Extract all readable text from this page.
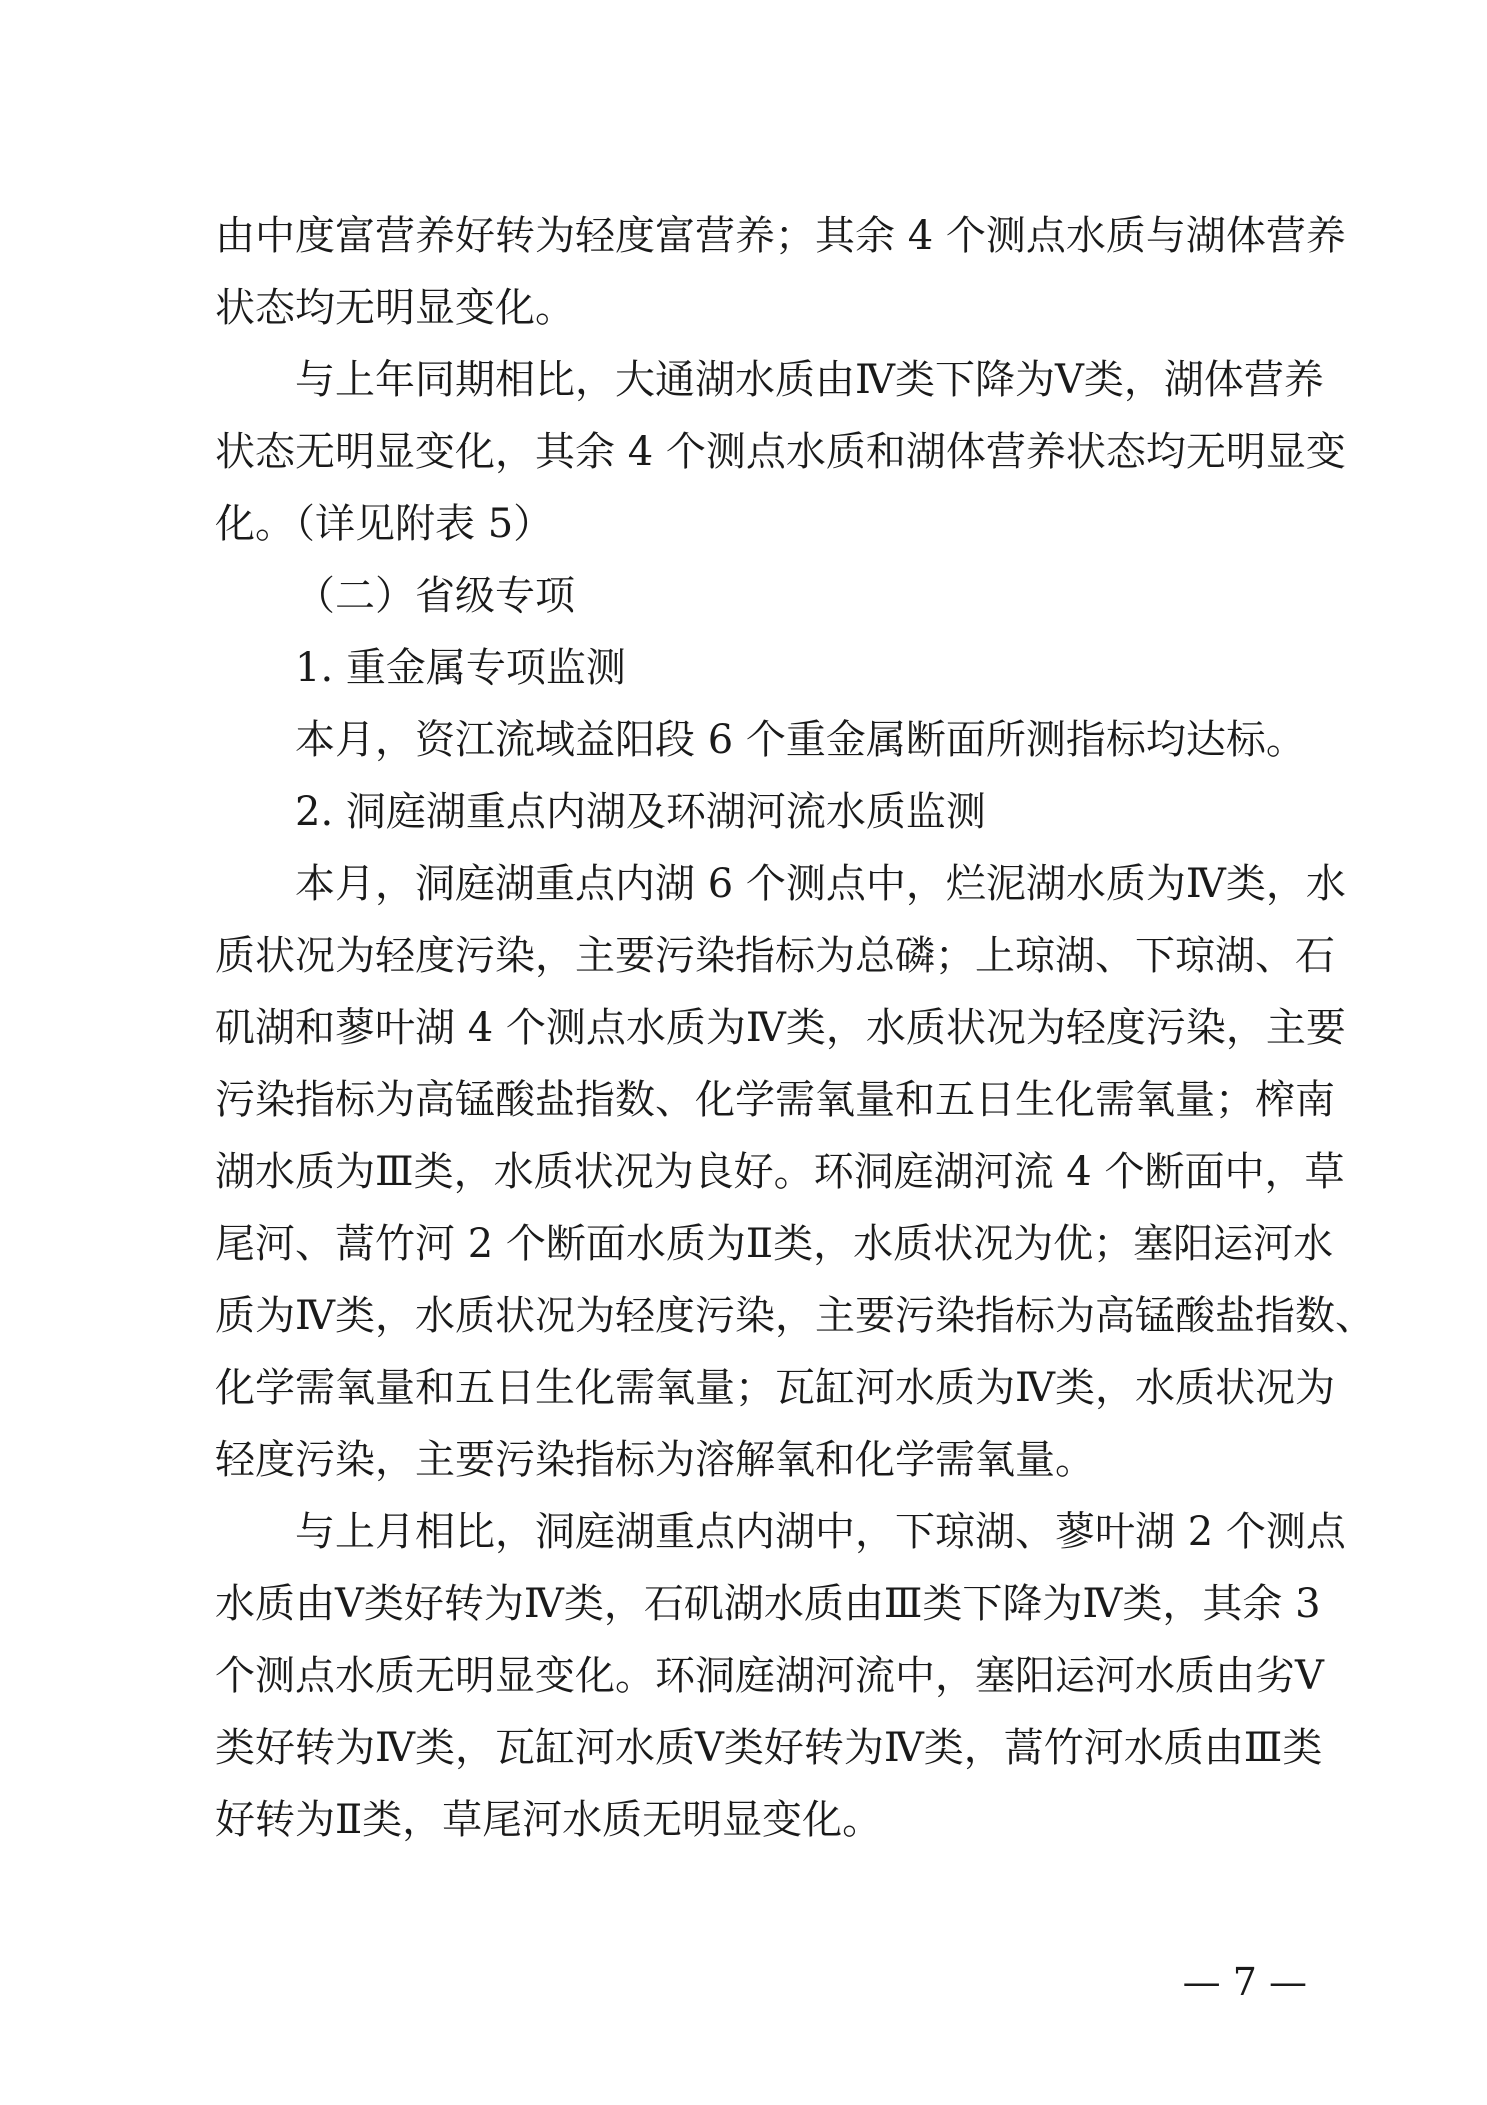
由中度富营养好转为轻度富营养；其余 4 个测点水质与湖体营养
状态均无明显变化。
与上年同期相比，大通湖水质由Ⅳ类下降为Ⅴ类，湖体营养
状态无明显变化，其余 4 个测点水质和湖体营养状态均无明显变
化。（详见附表 5）
（二）省级专项
1. 重金属专项监测
本月，资江流域益阳段 6 个重金属断面所测指标均达标。
2. 洞庭湖重点内湖及环湖河流水质监测
本月，洞庭湖重点内湖 6 个测点中，烂泥湖水质为Ⅳ类，水
质状况为轻度污染，主要污染指标为总磷；上琼湖、下琼湖、石
矶湖和蓼叶湖 4 个测点水质为Ⅳ类，水质状况为轻度污染，主要
污染指标为高锰酸盐指数、化学需氧量和五日生化需氧量；榨南
湖水质为Ⅲ类，水质状况为良好。环洞庭湖河流 4 个断面中，草
尾河、蒿竹河 2 个断面水质为Ⅱ类，水质状况为优；塞阳运河水
质为Ⅳ类，水质状况为轻度污染，主要污染指标为高锰酸盐指数、
化学需氧量和五日生化需氧量；瓦缸河水质为Ⅳ类，水质状况为
轻度污染，主要污染指标为溶解氧和化学需氧量。
与上月相比，洞庭湖重点内湖中，下琼湖、蓼叶湖 2 个测点
水质由Ⅴ类好转为Ⅳ类，石矶湖水质由Ⅲ类下降为Ⅳ类，其余 3
个测点水质无明显变化。环洞庭湖河流中，塞阳运河水质由劣Ⅴ
类好转为Ⅳ类，瓦缸河水质Ⅴ类好转为Ⅳ类，蒿竹河水质由Ⅲ类
好转为Ⅱ类，草尾河水质无明显变化。
— 7 —
